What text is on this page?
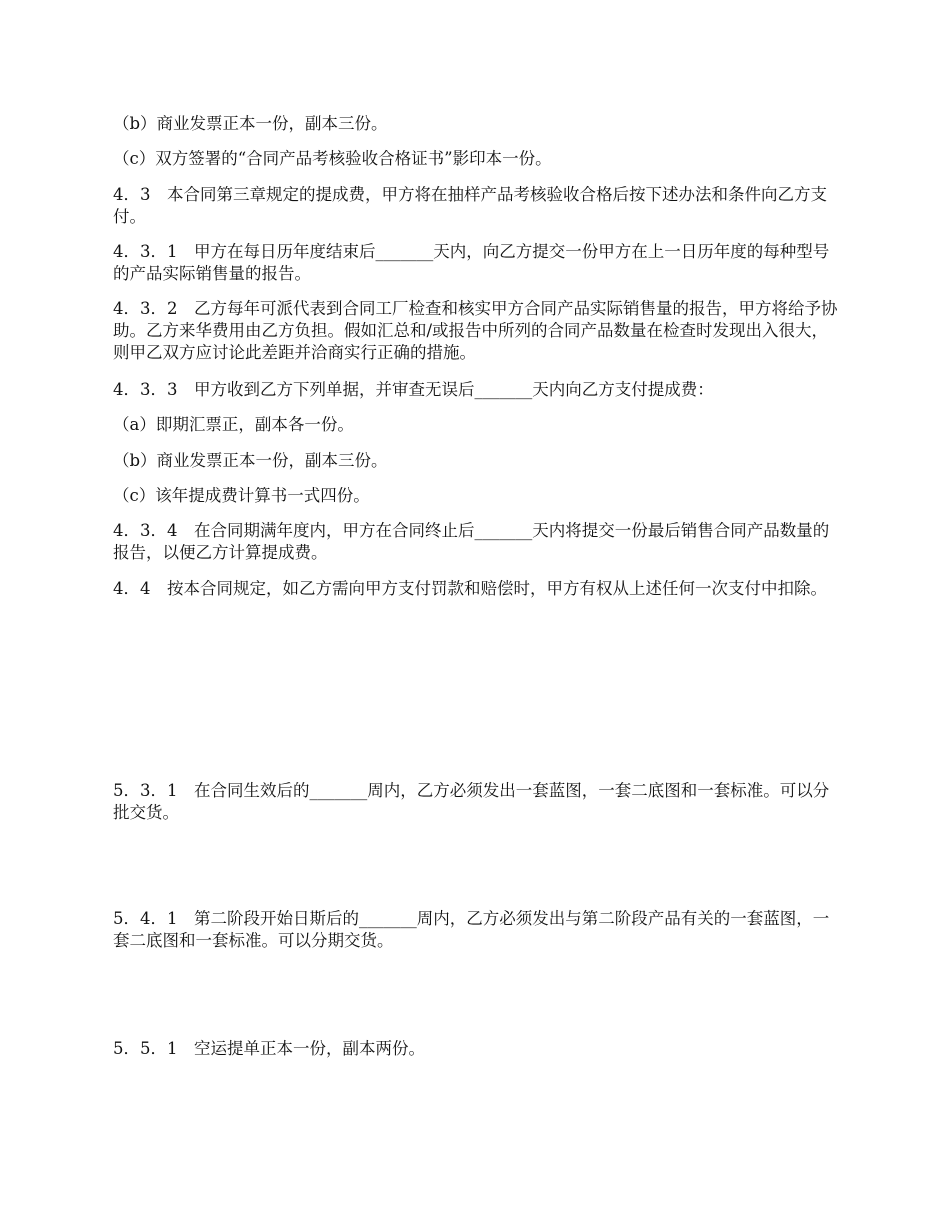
（b）商业发票正本一份，副本三份。

（c）双方签署的“合同产品考核验收合格证书”影印本一份。

4．3　本合同第三章规定的提成费，甲方将在抽样产品考核验收合格后按下述办法和条件向乙方支付。

4．3．1　甲方在每日历年度结束后_______天内，向乙方提交一份甲方在上一日历年度的每种型号的产品实际销售量的报告。

4．3．2　乙方每年可派代表到合同工厂检查和核实甲方合同产品实际销售量的报告，甲方将给予协助。乙方来华费用由乙方负担。假如汇总和/或报告中所列的合同产品数量在检查时发现出入很大，则甲乙双方应讨论此差距并洽商实行正确的措施。

4．3．3　甲方收到乙方下列单据，并审查无误后_______天内向乙方支付提成费：

（a）即期汇票正，副本各一份。

（b）商业发票正本一份，副本三份。

（c）该年提成费计算书一式四份。

4．3．4　在合同期满年度内，甲方在合同终止后_______天内将提交一份最后销售合同产品数量的报告，以便乙方计算提成费。

4．4　按本合同规定，如乙方需向甲方支付罚款和赔偿时，甲方有权从上述任何一次支付中扣除。

5．3．1　在合同生效后的_______周内，乙方必须发出一套蓝图，一套二底图和一套标准。可以分批交货。

5．4．1　第二阶段开始日斯后的_______周内，乙方必须发出与第二阶段产品有关的一套蓝图，一套二底图和一套标准。可以分期交货。

5．5．1　空运提单正本一份，副本两份。
